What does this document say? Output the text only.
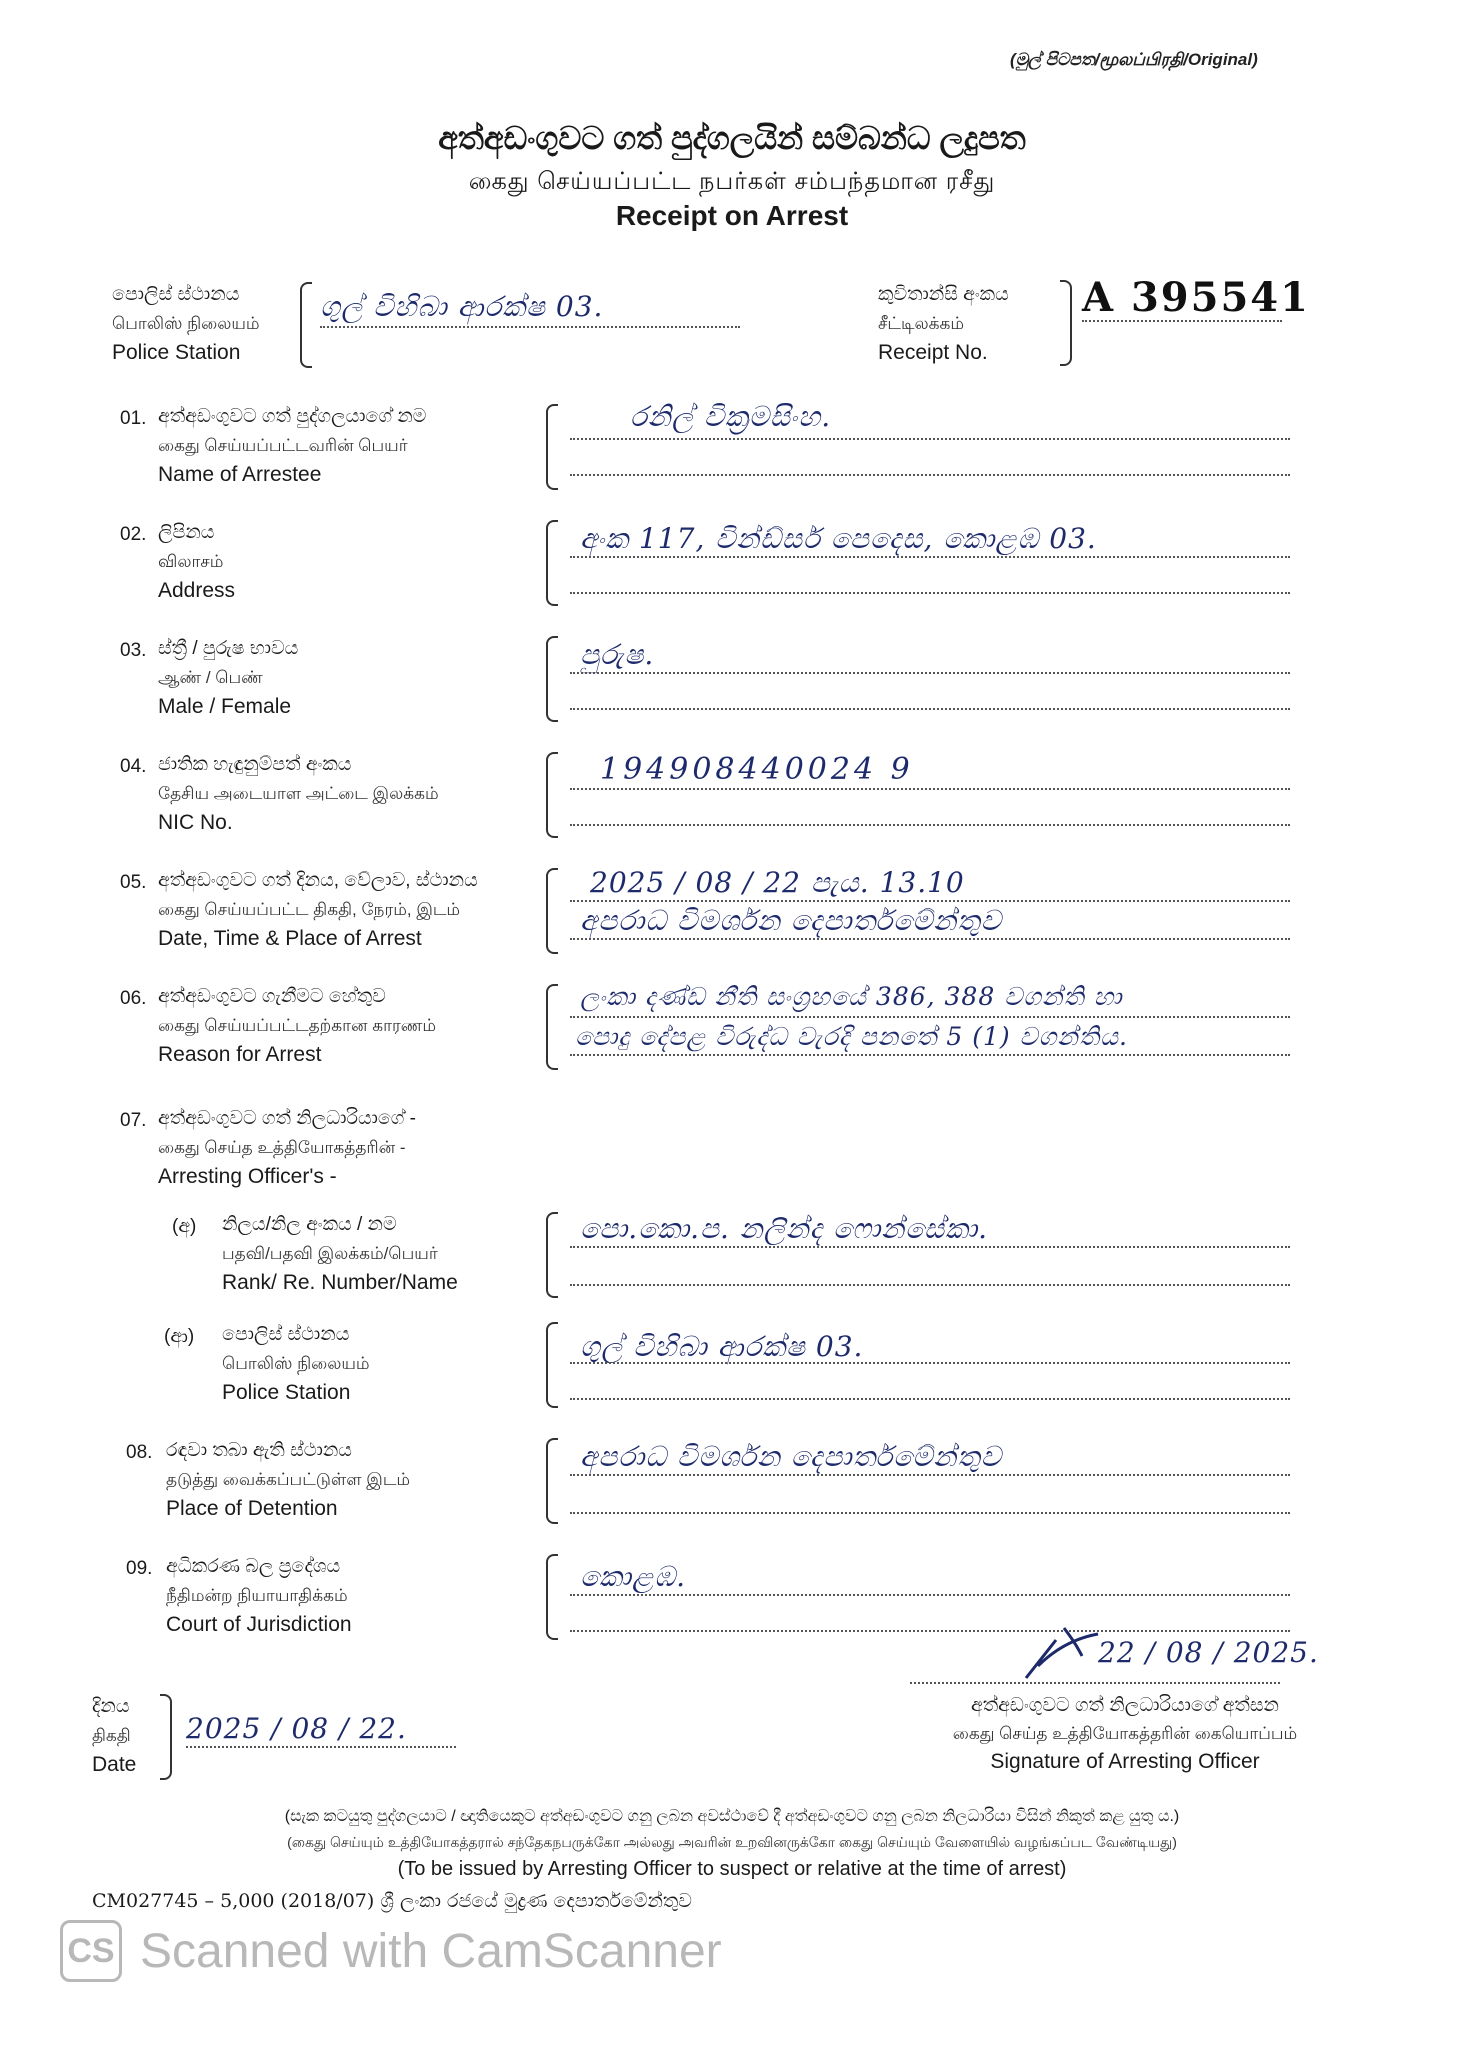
(මුල් පිටපත/மூலப்பிரதி/Original)
අත්අඩංගුවට ගත් පුද්ගලයින් සම්බන්ධ ලදුපත
கைது செய்யப்பட்ட நபர்கள் சம்பந்தமான ரசீது
Receipt on Arrest
පොලිස් ස්ථානය
பொலிஸ் நிலையம்
Police Station
ගුල් විහිබා ආරක්ෂ 03.	කුවිතාන්සි අංකය
சீட்டிலக்கம்
Receipt No.
A 395541
01. අත්අඩංගුවට ගත් පුද්ගලයාගේ නම
கைது செய்யப்பட்டவரின் பெயர்
Name of Arrestee
රනිල් වික්‍රමසිංහ.
02. ලිපිනය
விலாசம்
Address
අංක 117, වින්ඩ්සර් පෙදෙස, කොළඹ 03.
03. ස්ත්‍රී / පුරුෂ භාවය
ஆண் / பெண்
Male / Female
පුරුෂ.
04. ජාතික හැඳුනුම්පත් අංකය
தேசிய அடையாள அட்டை இலக்கம்
NIC No.
194908440024 9
05. අත්අඩංගුවට ගත් දිනය, වේලාව, ස්ථානය
கைது செய்யப்பட்ட திகதி, நேரம், இடம்
Date, Time & Place of Arrest
2025 / 08 / 22 පැය. 13.10
අපරාධ විමර්ශන දෙපාර්තමේන්තුව
06. අත්අඩංගුවට ගැනීමට හේතුව
கைது செய்யப்பட்டதற்கான காரணம்
Reason for Arrest
ලංකා දණ්ඩ නීති සංග්‍රහයේ 386, 388 වගන්ති හා
පොදු දේපළ විරුද්ධ වැරදි පනතේ 5 (1) වගන්තිය.
07. අත්අඩංගුවට ගත් නිලධාරියාගේ -
கைது செய்த உத்தியோகத்தரின் -
Arresting Officer's -
(අ) නිලය/නිල අංකය / නම
பதவி/பதவி இலக்கம்/பெயர்
Rank/ Re. Number/Name
පො.කො.ප. නලින්ද ෆොන්සේකා.
(ආ) පොලිස් ස්ථානය
பொலிஸ் நிலையம்
Police Station
ගුල් විහිබා ආරක්ෂ 03.
08. රඳවා තබා ඇති ස්ථානය
தடுத்து வைக்கப்பட்டுள்ள இடம்
Place of Detention
අපරාධ විමර්ශන දෙපාර්තමේන්තුව
09. අධිකරණ බල ප්‍රදේශය
நீதிமன்ற நியாயாதிக்கம்
Court of Jurisdiction
කොළඹ.
දිනය
திகதி
Date
2025 / 08 / 22.
22 / 08 / 2025.
අත්අඩංගුවට ගත් නිලධාරියාගේ අත්සන
கைது செய்த உத்தியோகத்தரின் கையொப்பம்
Signature of Arresting Officer
(සැක කටයුතු පුද්ගලයාට / ඥාතියෙකුට අත්අඩංගුවට ගනු ලබන අවස්ථාවේ දී අත්අඩංගුවට ගනු ලබන නිලධාරියා විසින් නිකුත් කළ යුතු ය.)
(கைது செய்யும் உத்தியோகத்தரால் சந்தேகநபருக்கோ அல்லது அவரின் உறவினருக்கோ கைது செய்யும் வேளையில் வழங்கப்பட வேண்டியது)
(To be issued by Arresting Officer to suspect or relative at the time of arrest)
CM027745 – 5,000 (2018/07) ශ්‍රී ලංකා රජයේ මුද්‍රණ දෙපාර්තමේන්තුව
CS Scanned with CamScanner
